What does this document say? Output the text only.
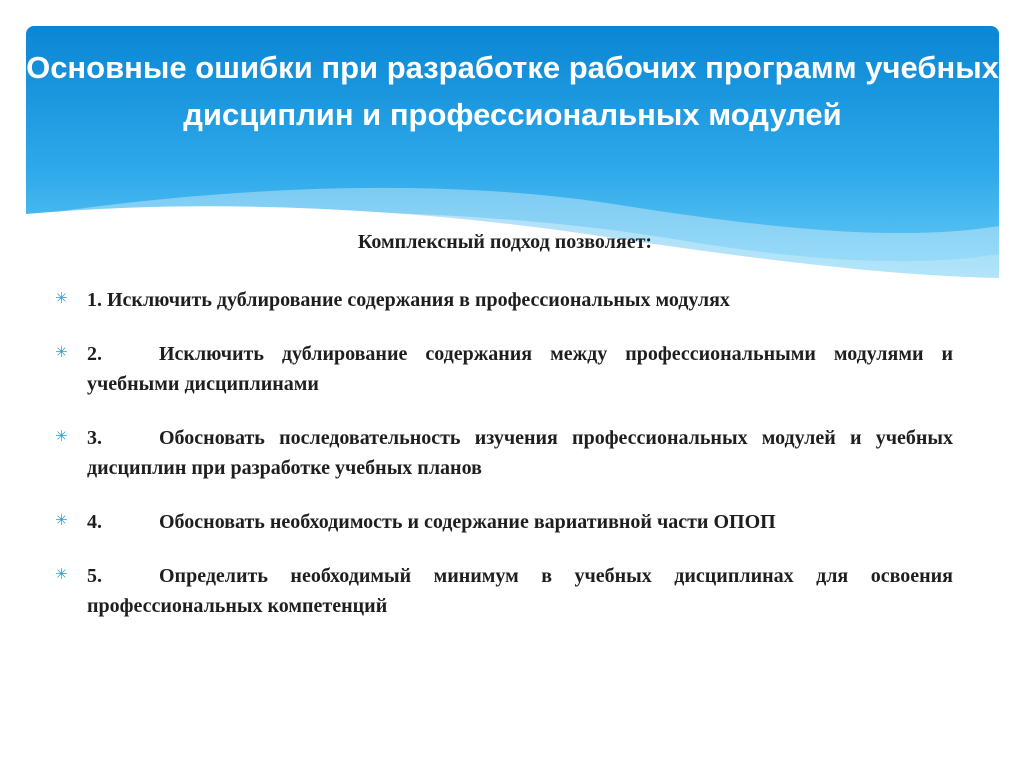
Основные ошибки при разработке рабочих программ учебных дисциплин и профессиональных модулей
Комплексный подход позволяет:
✳ 1. Исключить дублирование содержания в профессиональных модулях
✳ 2.	Исключить дублирование содержания между профессиональными модулями и учебными дисциплинами
✳ 3.	Обосновать последовательность изучения профессиональных модулей и учебных дисциплин при разработке учебных планов
✳ 4.	Обосновать необходимость и содержание вариативной части ОПОП
✳ 5.	Определить необходимый минимум в учебных дисциплинах для освоения профессиональных компетенций
